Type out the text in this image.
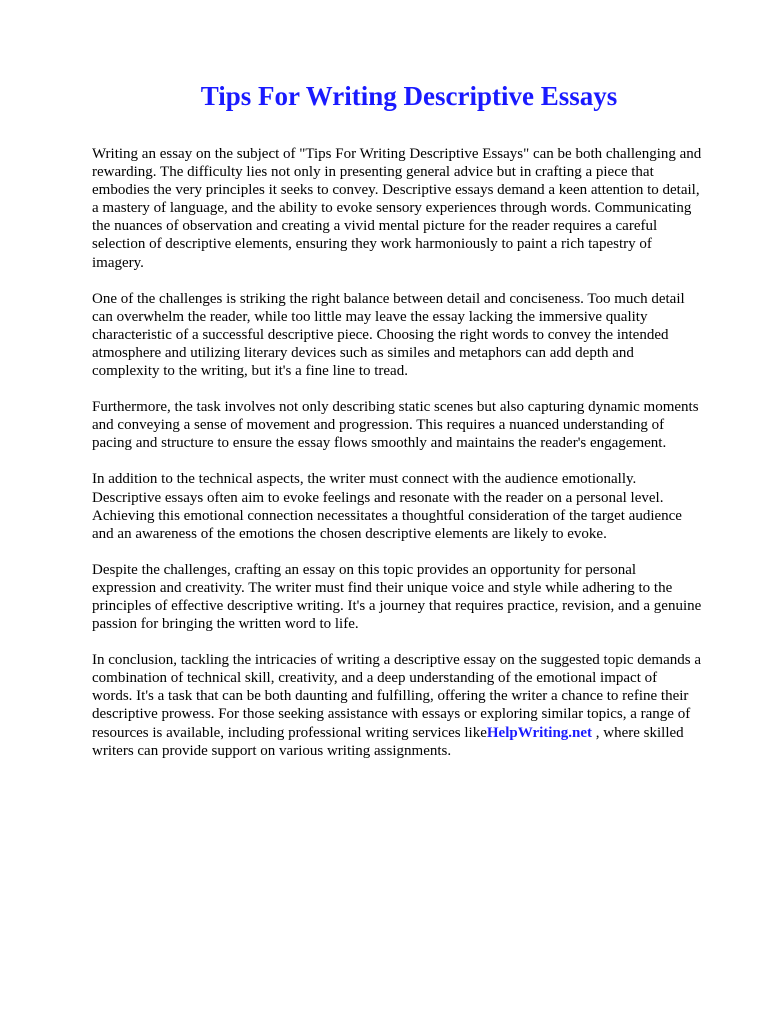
Tips For Writing Descriptive Essays

Writing an essay on the subject of "Tips For Writing Descriptive Essays" can be both challenging and
rewarding. The difficulty lies not only in presenting general advice but in crafting a piece that
embodies the very principles it seeks to convey. Descriptive essays demand a keen attention to detail,
a mastery of language, and the ability to evoke sensory experiences through words. Communicating
the nuances of observation and creating a vivid mental picture for the reader requires a careful
selection of descriptive elements, ensuring they work harmoniously to paint a rich tapestry of
imagery.

One of the challenges is striking the right balance between detail and conciseness. Too much detail
can overwhelm the reader, while too little may leave the essay lacking the immersive quality
characteristic of a successful descriptive piece. Choosing the right words to convey the intended
atmosphere and utilizing literary devices such as similes and metaphors can add depth and
complexity to the writing, but it's a fine line to tread.

Furthermore, the task involves not only describing static scenes but also capturing dynamic moments
and conveying a sense of movement and progression. This requires a nuanced understanding of
pacing and structure to ensure the essay flows smoothly and maintains the reader's engagement.

In addition to the technical aspects, the writer must connect with the audience emotionally.
Descriptive essays often aim to evoke feelings and resonate with the reader on a personal level.
Achieving this emotional connection necessitates a thoughtful consideration of the target audience
and an awareness of the emotions the chosen descriptive elements are likely to evoke.

Despite the challenges, crafting an essay on this topic provides an opportunity for personal
expression and creativity. The writer must find their unique voice and style while adhering to the
principles of effective descriptive writing. It's a journey that requires practice, revision, and a genuine
passion for bringing the written word to life.

In conclusion, tackling the intricacies of writing a descriptive essay on the suggested topic demands a
combination of technical skill, creativity, and a deep understanding of the emotional impact of
words. It's a task that can be both daunting and fulfilling, offering the writer a chance to refine their
descriptive prowess. For those seeking assistance with essays or exploring similar topics, a range of
resources is available, including professional writing services likeHelpWriting.net , where skilled
writers can provide support on various writing assignments.
